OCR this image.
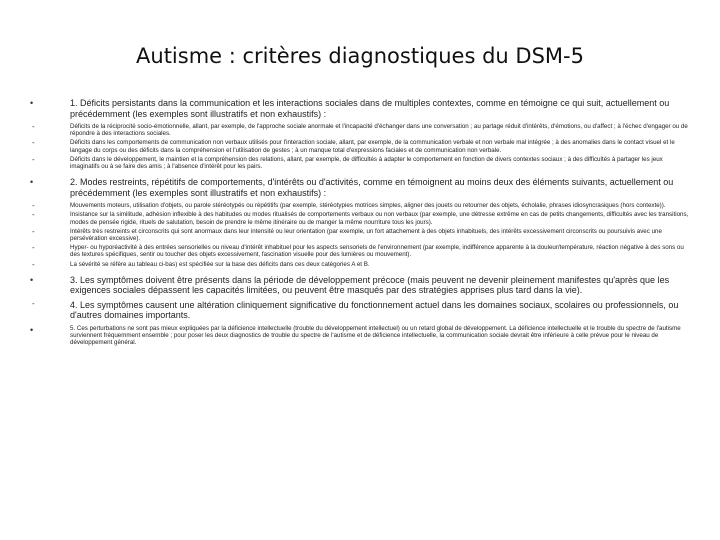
Autisme : critères diagnostiques du DSM-5
•	1. Déficits persistants dans la communication et les interactions sociales dans de multiples contextes, comme en témoigne ce qui suit, actuellement ou précédemment (les exemples sont illustratifs et non exhaustifs) :
-	Déficits de la réciprocité socio-émotionnelle, allant, par exemple, de l'approche sociale anormale et l'incapacité d'échanger dans une conversation ; au partage réduit d'intérêts, d'émotions, ou d'affect ; à l'échec d'engager ou de répondre à des interactions sociales.
-	Déficits dans les comportements de communication non verbaux utilisés pour l'interaction sociale, allant, par exemple, de la communication verbale et non verbale mal intégrée ; à des anomalies dans le contact visuel et le langage du corps ou des déficits dans la compréhension et l'utilisation de gestes ; à un manque total d'expressions faciales et de communication non verbale.
-	Déficits dans le développement, le maintien et la compréhension des relations, allant, par exemple, de difficultés à adapter le comportement en fonction de divers contextes sociaux ; à des difficultés à partager les jeux imaginatifs ou à se faire des amis ; à l'absence d'intérêt pour les pairs.
•	2. Modes restreints, répétitifs de comportements, d'intérêts ou d'activités, comme en témoignent au moins deux des éléments suivants, actuellement ou précédemment (les exemples sont illustratifs et non exhaustifs) :
-	Mouvements moteurs, utilisation d'objets, ou parole stéréotypés ou répétitifs (par exemple, stéréotypies motrices simples, aligner des jouets ou retourner des objets, écholalie, phrases idiosyncrasiques (hors contexte)).
-	Insistance sur la similitude, adhésion inflexible à des habitudes ou modes ritualisés de comportements verbaux ou non verbaux (par exemple, une détresse extrême en cas de petits changements, difficultés avec les transitions, modes de pensée rigide, rituels de salutation, besoin de prendre le même itinéraire ou de manger la même nourriture tous les jours).
-	Intérêts très restreints et circonscrits qui sont anormaux dans leur intensité ou leur orientation (par exemple, un fort attachement à des objets inhabituels, des intérêts excessivement circonscrits ou poursuivis avec une persévération excessive).
-	Hyper- ou hyporéactivité à des entrées sensorielles ou niveau d'intérêt inhabituel pour les aspects sensoriels de l'environnement (par exemple, indifférence apparente à la douleur/température, réaction négative à des sons ou des textures spécifiques, sentir ou toucher des objets excessivement, fascination visuelle pour des lumières ou mouvement).
-	La sévérité se réfère au tableau ci-bas) est spécifiée sur la base des déficits dans ces deux catégories A et B.
•	3. Les symptômes doivent être présents dans la période de développement précoce (mais peuvent ne devenir pleinement manifestes qu'après que les exigences sociales dépassent les capacités limitées, ou peuvent être masqués par des stratégies apprises plus tard dans la vie).
-	4. Les symptômes causent une altération cliniquement significative du fonctionnement actuel dans les domaines sociaux, scolaires ou professionnels, ou d'autres domaines importants.
•	5. Ces perturbations ne sont pas mieux expliquées par la déficience intellectuelle (trouble du développement intellectuel) ou un retard global de développement. La déficience intellectuelle et le trouble du spectre de l'autisme surviennent fréquemment ensemble ; pour poser les deux diagnostics de trouble du spectre de l'autisme et de déficience intellectuelle, la communication sociale devrait être inférieure à celle prévue pour le niveau de développement général.
